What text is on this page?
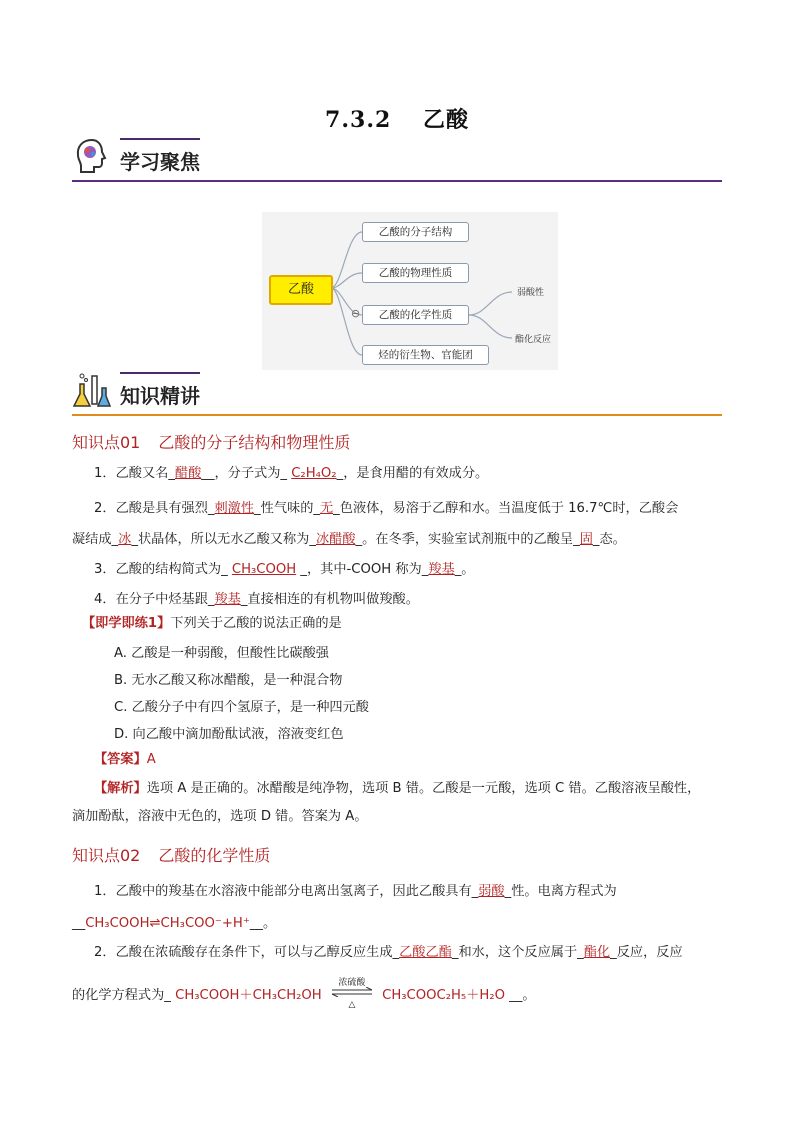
7.3.2　 乙酸
学习聚焦
乙酸
乙酸的分子结构
乙酸的物理性质
乙酸的化学性质
⊖
烃的衍生物、官能团
弱酸性
酯化反应
知识精讲
知识点01 乙酸的分子结构和物理性质
1．乙酸又名_醋酸__，分子式为_ C₂H₄O₂_，是食用醋的有效成分。
2．乙酸是具有强烈_刺激性_性气味的_无_色液体，易溶于乙醇和水。当温度低于 16.7℃时，乙酸会
凝结成_冰_状晶体，所以无水乙酸又称为_冰醋酸_。在冬季，实验室试剂瓶中的乙酸呈_固_态。
3．乙酸的结构简式为_ CH₃COOH _，其中-COOH 称为_羧基_。
4．在分子中烃基跟_羧基_直接相连的有机物叫做羧酸。
【即学即练1】下列关于乙酸的说法正确的是
A. 乙酸是一种弱酸，但酸性比碳酸强
B. 无水乙酸又称冰醋酸，是一种混合物
C. 乙酸分子中有四个氢原子，是一种四元酸
D. 向乙酸中滴加酚酞试液，溶液变红色
【答案】A
【解析】选项 A 是正确的。冰醋酸是纯净物，选项 B 错。乙酸是一元酸，选项 C 错。乙酸溶液呈酸性，
滴加酚酞，溶液中无色的，选项 D 错。答案为 A。
知识点02 乙酸的化学性质
1．乙酸中的羧基在水溶液中能部分电离出氢离子，因此乙酸具有_弱酸_性。电离方程式为
__CH₃COOH⇌CH₃COO⁻+H⁺__。
2．乙酸在浓硫酸存在条件下，可以与乙醇反应生成_乙酸乙酯_和水，这个反应属于_酯化_反应，反应
的化学方程式为_ CH₃COOH＋CH₃CH₂OH
浓硫酸
△
CH₃COOC₂H₅＋H₂O __。
